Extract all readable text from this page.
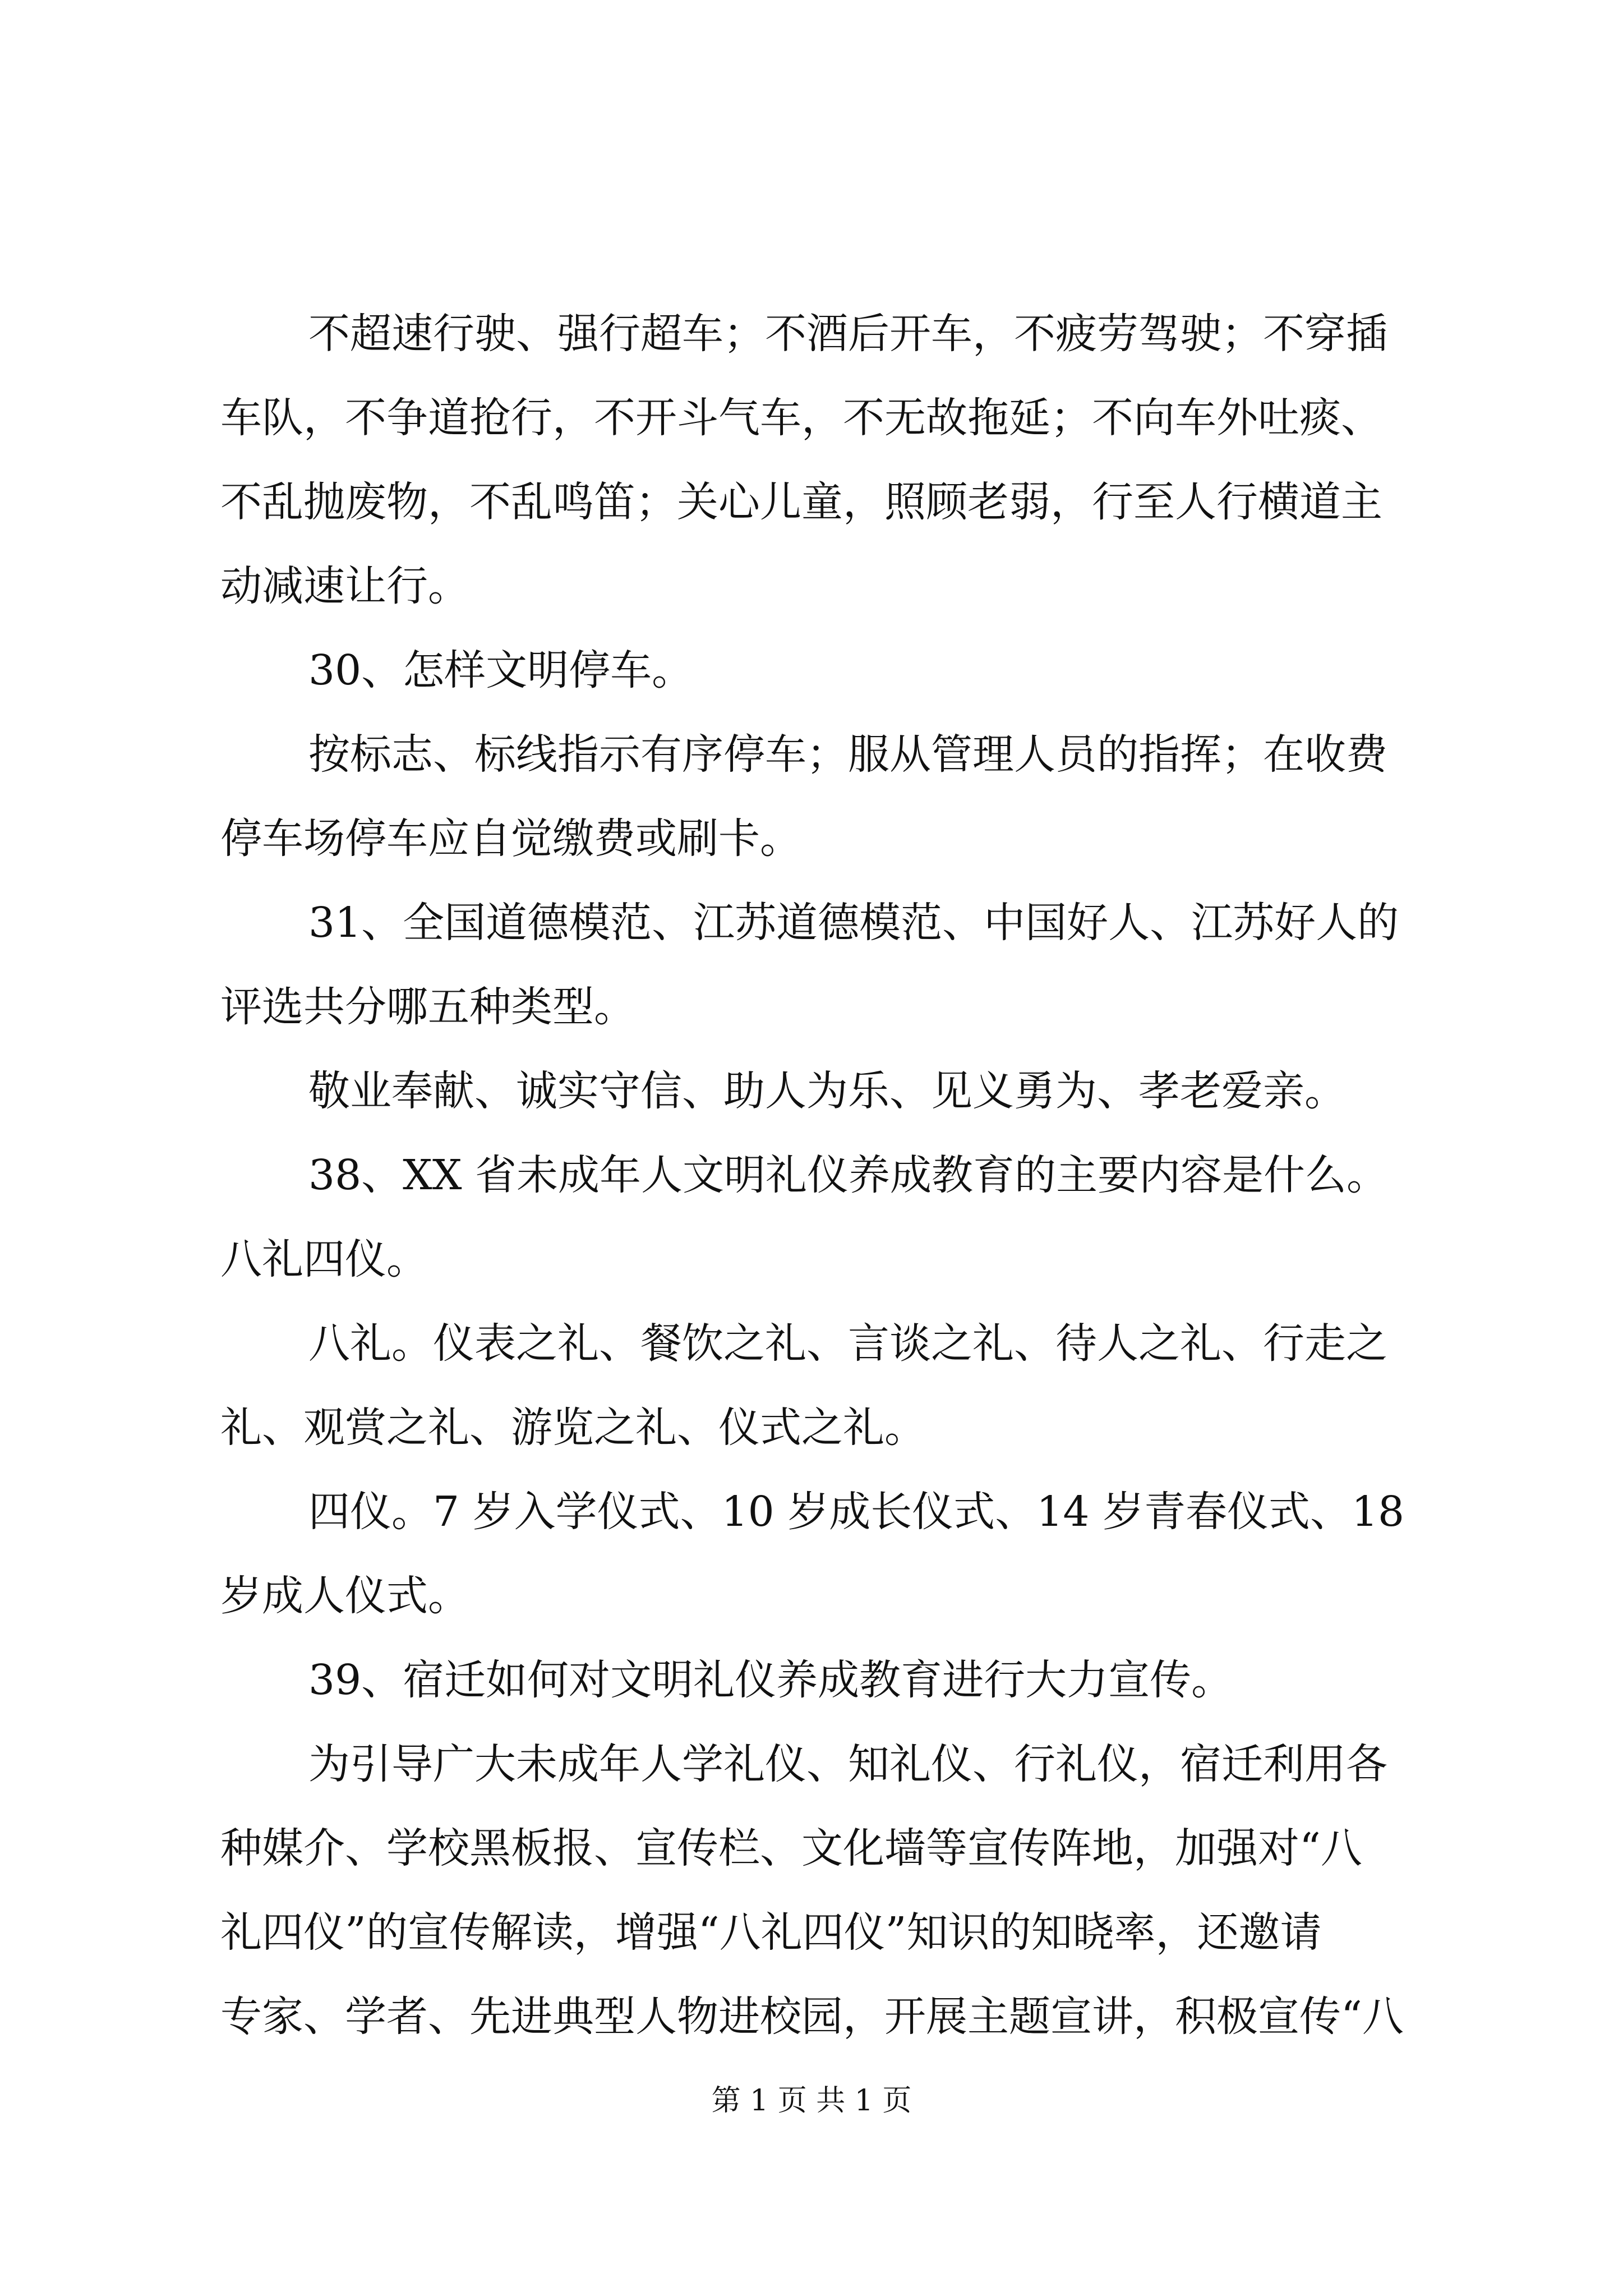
不超速行驶、强行超车；不酒后开车，不疲劳驾驶；不穿插
车队，不争道抢行，不开斗气车，不无故拖延；不向车外吐痰、
不乱抛废物，不乱鸣笛；关心儿童，照顾老弱，行至人行横道主
动减速让行。
30、怎样文明停车。
按标志、标线指示有序停车；服从管理人员的指挥；在收费
停车场停车应自觉缴费或刷卡。
31、全国道德模范、江苏道德模范、中国好人、江苏好人的
评选共分哪五种类型。
敬业奉献、诚实守信、助人为乐、见义勇为、孝老爱亲。
38、XX 省未成年人文明礼仪养成教育的主要内容是什么。
八礼四仪。
八礼。仪表之礼、餐饮之礼、言谈之礼、待人之礼、行走之
礼、观赏之礼、游览之礼、仪式之礼。
四仪。7 岁入学仪式、10 岁成长仪式、14 岁青春仪式、18
岁成人仪式。
39、宿迁如何对文明礼仪养成教育进行大力宣传。
为引导广大未成年人学礼仪、知礼仪、行礼仪，宿迁利用各
种媒介、学校黑板报、宣传栏、文化墙等宣传阵地，加强对“八
礼四仪”的宣传解读，增强“八礼四仪”知识的知晓率，还邀请
专家、学者、先进典型人物进校园，开展主题宣讲，积极宣传“八
第 1 页 共 1 页
